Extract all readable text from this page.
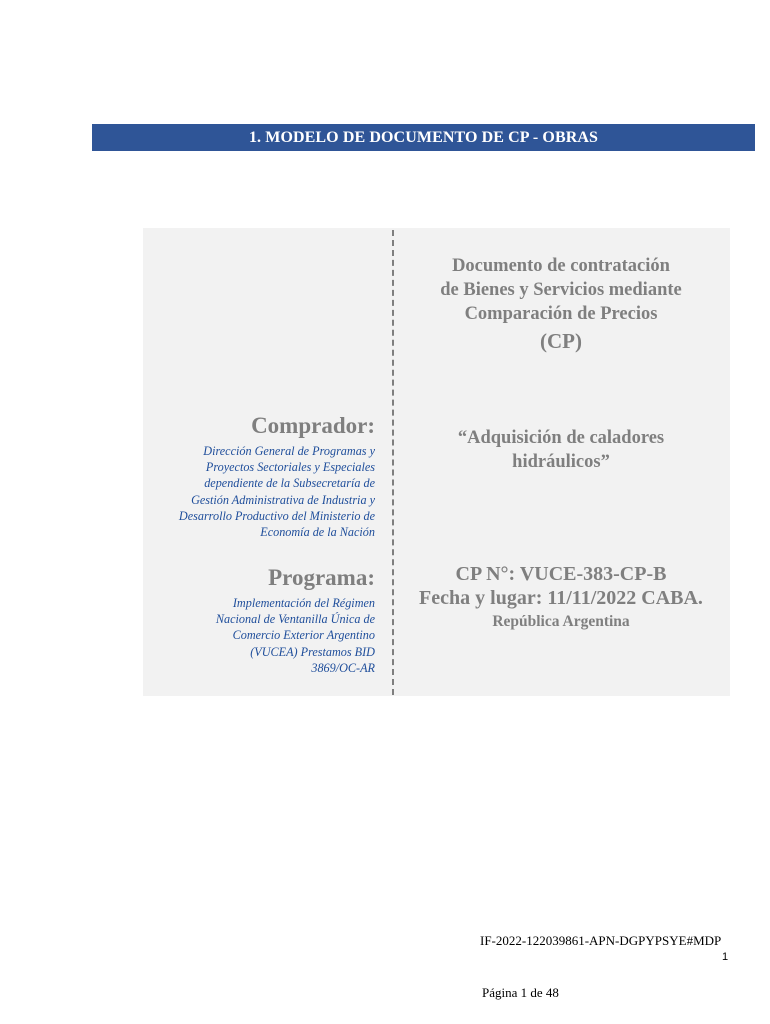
1. MODELO DE DOCUMENTO DE CP - OBRAS
Comprador:
Dirección General de Programas y
Proyectos Sectoriales y Especiales
dependiente de la Subsecretaría de
Gestión Administrativa de Industria y
Desarrollo Productivo del Ministerio de
Economía de la Nación
Programa:
Implementación del Régimen
Nacional de Ventanilla Única de
Comercio Exterior Argentino
(VUCEA) Prestamos BID
3869/OC-AR
Documento de contratación
de Bienes y Servicios mediante
Comparación de Precios
(CP)
“Adquisición de caladores
hidráulicos”
CP N°: VUCE-383-CP-B
Fecha y lugar: 11/11/2022 CABA.
República Argentina
IF-2022-122039861-APN-DGPYPSYE#MDP
1
Página 1 de 48
